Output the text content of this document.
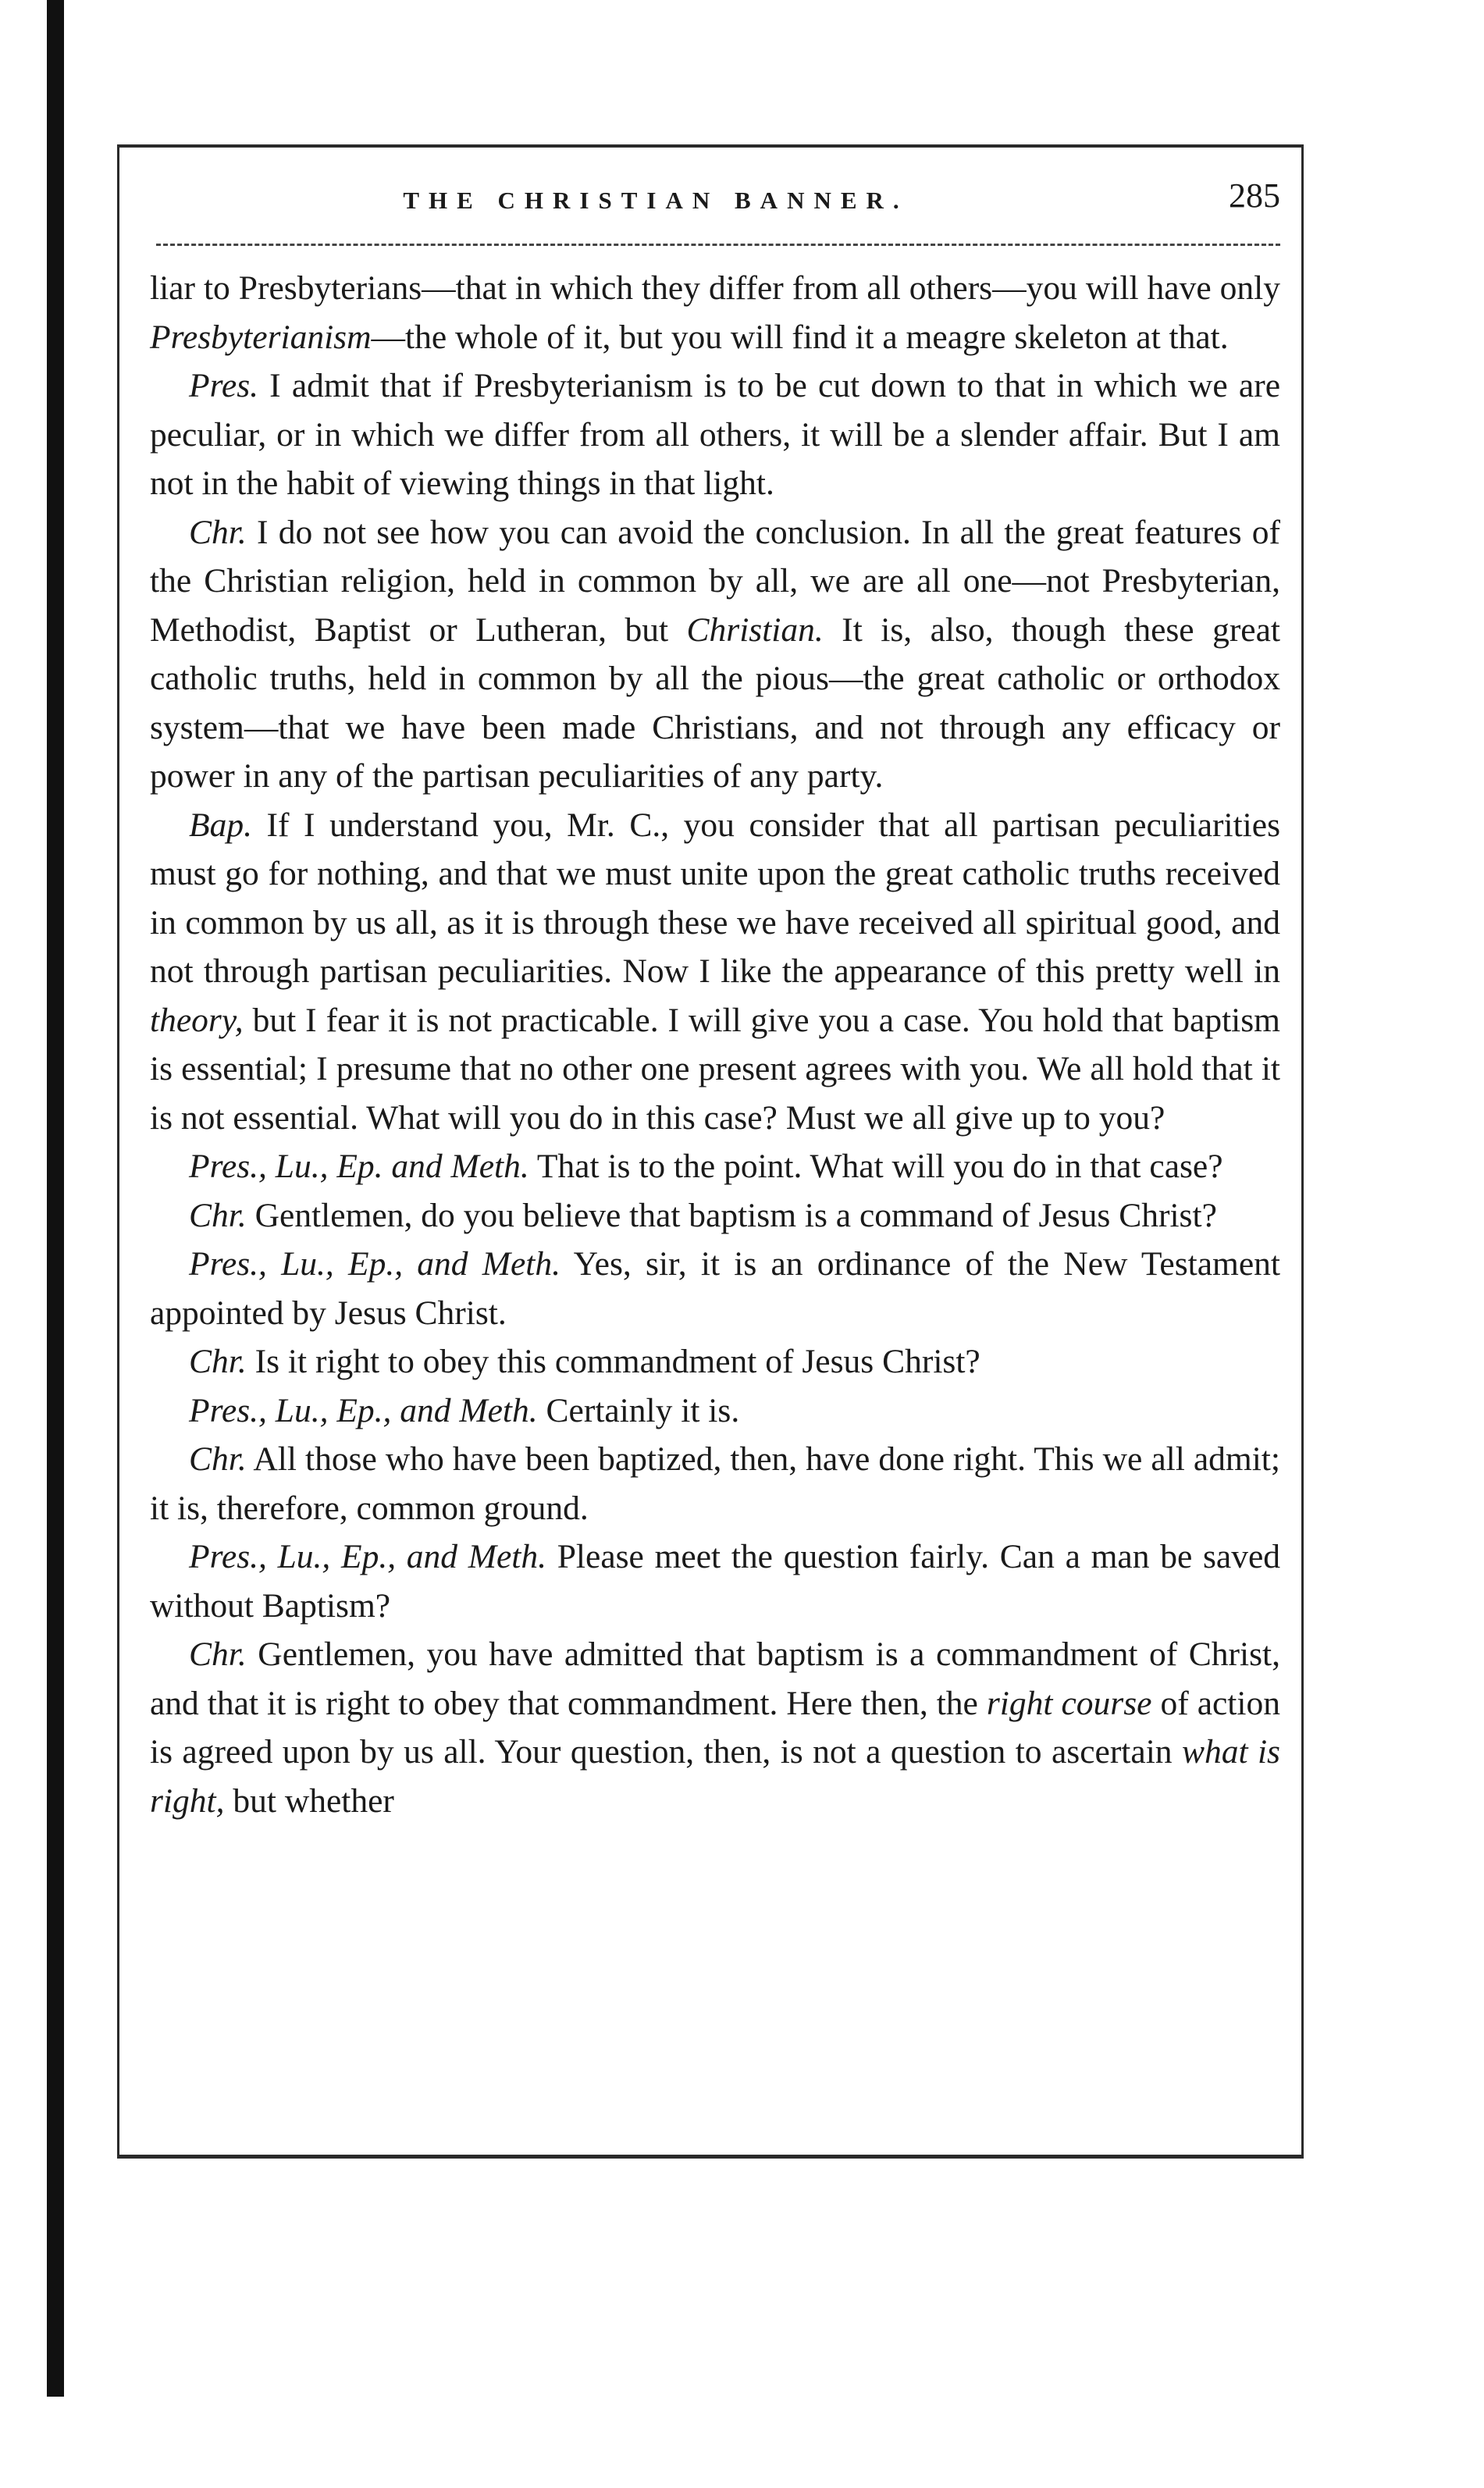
THE CHRISTIAN BANNER.	285

liar to Presbyterians—that in which they differ from all others—you will have only Presbyterianism—the whole of it, but you will find it a meagre skeleton at that.

Pres. I admit that if Presbyterianism is to be cut down to that in which we are peculiar, or in which we differ from all others, it will be a slender affair. But I am not in the habit of viewing things in that light.

Chr. I do not see how you can avoid the conclusion. In all the great features of the Christian religion, held in common by all, we are all one—not Presbyterian, Methodist, Baptist or Lutheran, but Christian. It is, also, though these great catholic truths, held in common by all the pious—the great catholic or orthodox system—that we have been made Christians, and not through any efficacy or power in any of the partisan peculiarities of any party.

Bap. If I understand you, Mr. C., you consider that all partisan peculiarities must go for nothing, and that we must unite upon the great catholic truths received in common by us all, as it is through these we have received all spiritual good, and not through partisan peculiarities. Now I like the appearance of this pretty well in theory, but I fear it is not practicable. I will give you a case. You hold that baptism is essential; I presume that no other one present agrees with you. We all hold that it is not essential. What will you do in this case? Must we all give up to you?

Pres., Lu., Ep. and Meth. That is to the point. What will you do in that case?

Chr. Gentlemen, do you believe that baptism is a command of Jesus Christ?

Pres., Lu., Ep., and Meth. Yes, sir, it is an ordinance of the New Testament appointed by Jesus Christ.

Chr. Is it right to obey this commandment of Jesus Christ?

Pres., Lu., Ep., and Meth. Certainly it is.

Chr. All those who have been baptized, then, have done right. This we all admit; it is, therefore, common ground.

Pres., Lu., Ep., and Meth. Please meet the question fairly. Can a man be saved without Baptism?

Chr. Gentlemen, you have admitted that baptism is a commandment of Christ, and that it is right to obey that commandment. Here then, the right course of action is agreed upon by us all. Your question, then, is not a question to ascertain what is right, but whether
